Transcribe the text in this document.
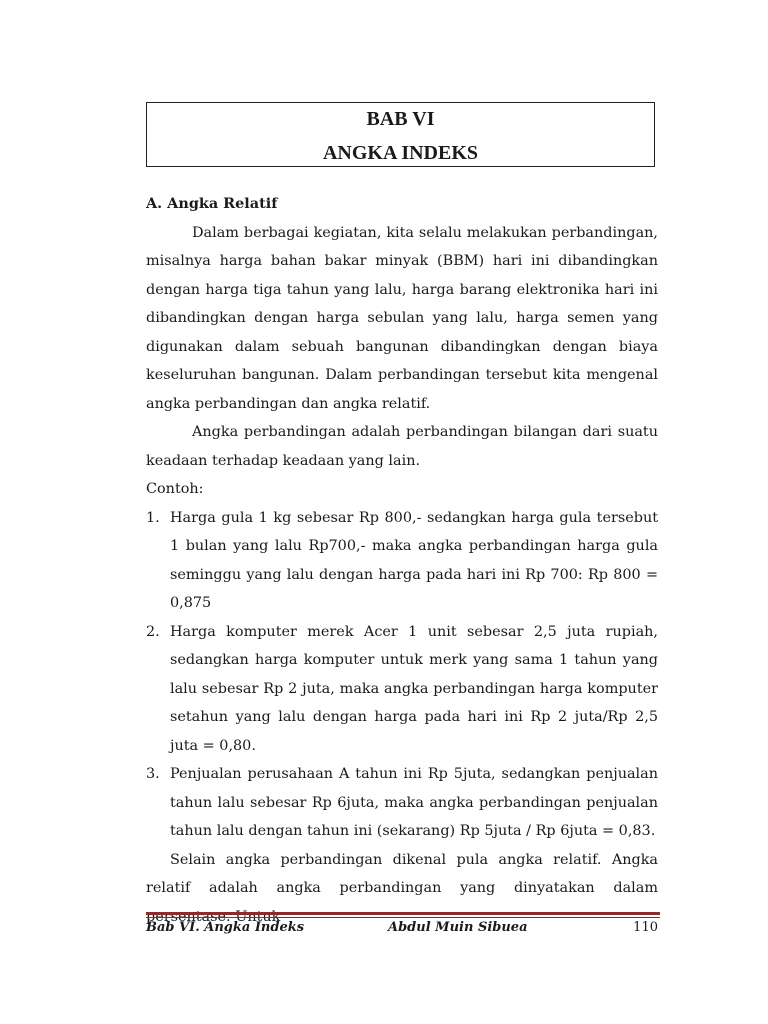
BAB VI
ANGKA INDEKS

A. Angka Relatif

Dalam berbagai kegiatan, kita selalu melakukan perbandingan, misalnya harga bahan bakar minyak (BBM) hari ini dibandingkan dengan harga tiga tahun yang lalu, harga barang elektronika hari ini dibandingkan dengan harga sebulan yang lalu, harga semen yang digunakan dalam sebuah bangunan dibandingkan dengan biaya keseluruhan bangunan. Dalam perbandingan tersebut kita mengenal angka perbandingan dan angka relatif.

Angka perbandingan adalah perbandingan bilangan dari suatu keadaan terhadap keadaan yang lain.

Contoh:

1. Harga gula 1 kg sebesar Rp 800,- sedangkan harga gula tersebut 1 bulan yang lalu Rp700,- maka angka perbandingan harga gula seminggu yang lalu dengan harga pada hari ini Rp 700: Rp 800 = 0,875
2. Harga komputer merek Acer 1 unit sebesar 2,5 juta rupiah, sedangkan harga komputer untuk merk yang sama 1 tahun yang lalu sebesar Rp 2 juta, maka angka perbandingan harga komputer setahun yang lalu dengan harga pada hari ini Rp 2 juta/Rp 2,5 juta = 0,80.
3. Penjualan perusahaan A tahun ini Rp 5juta, sedangkan penjualan tahun lalu sebesar Rp 6juta, maka angka perbandingan penjualan tahun lalu dengan tahun ini (sekarang) Rp 5juta / Rp 6juta = 0,83.

Selain angka perbandingan dikenal pula angka relatif. Angka relatif adalah angka perbandingan yang dinyatakan dalam

Bab VI. Angka Indeks	Abdul Muin Sibuea	110
